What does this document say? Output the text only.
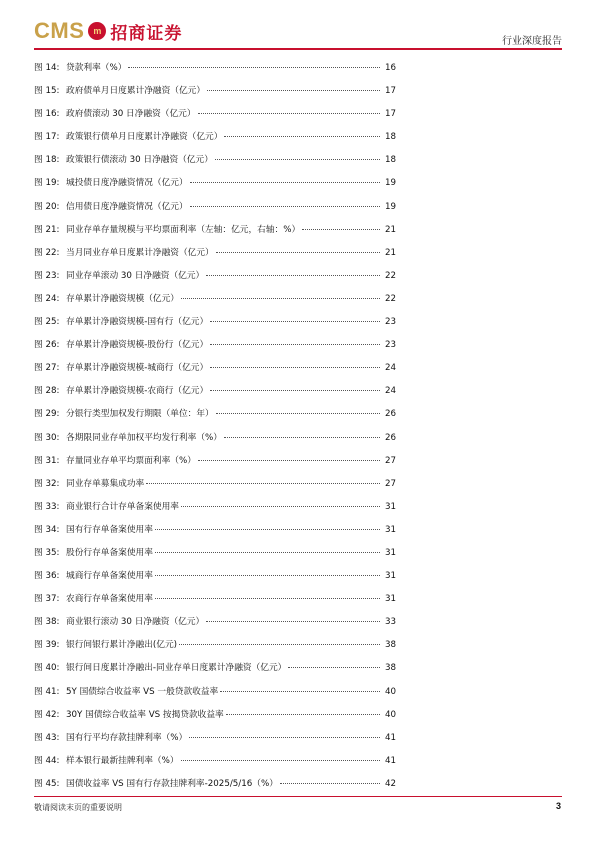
CMS m 招商证券	行业深度报告
图 14: 贷款利率（%）	16
图 15: 政府债单月日度累计净融资（亿元）	17
图 16: 政府债滚动 30 日净融资（亿元）	17
图 17: 政策银行债单月日度累计净融资（亿元）	18
图 18: 政策银行债滚动 30 日净融资（亿元）	18
图 19: 城投债日度净融资情况（亿元）	19
图 20: 信用债日度净融资情况（亿元）	19
图 21: 同业存单存量规模与平均票面利率（左轴：亿元，右轴：%）	21
图 22: 当月同业存单日度累计净融资（亿元）	21
图 23: 同业存单滚动 30 日净融资（亿元）	22
图 24: 存单累计净融资规模（亿元）	22
图 25: 存单累计净融资规模-国有行（亿元）	23
图 26: 存单累计净融资规模-股份行（亿元）	23
图 27: 存单累计净融资规模-城商行（亿元）	24
图 28: 存单累计净融资规模-农商行（亿元）	24
图 29: 分银行类型加权发行期限（单位：年）	26
图 30: 各期限同业存单加权平均发行利率（%）	26
图 31: 存量同业存单平均票面利率（%）	27
图 32: 同业存单募集成功率	27
图 33: 商业银行合计存单备案使用率	31
图 34: 国有行存单备案使用率	31
图 35: 股份行存单备案使用率	31
图 36: 城商行存单备案使用率	31
图 37: 农商行存单备案使用率	31
图 38: 商业银行滚动 30 日净融资（亿元）	33
图 39: 银行间银行累计净融出(亿元)	38
图 40: 银行间日度累计净融出-同业存单日度累计净融资（亿元）	38
图 41: 5Y 国债综合收益率 VS 一般贷款收益率	40
图 42: 30Y 国债综合收益率 VS 按揭贷款收益率	40
图 43: 国有行平均存款挂牌利率（%）	41
图 44: 样本银行最新挂牌利率（%）	41
图 45: 国债收益率 VS 国有行存款挂牌利率-2025/5/16（%）	42
敬请阅读末页的重要说明	3
